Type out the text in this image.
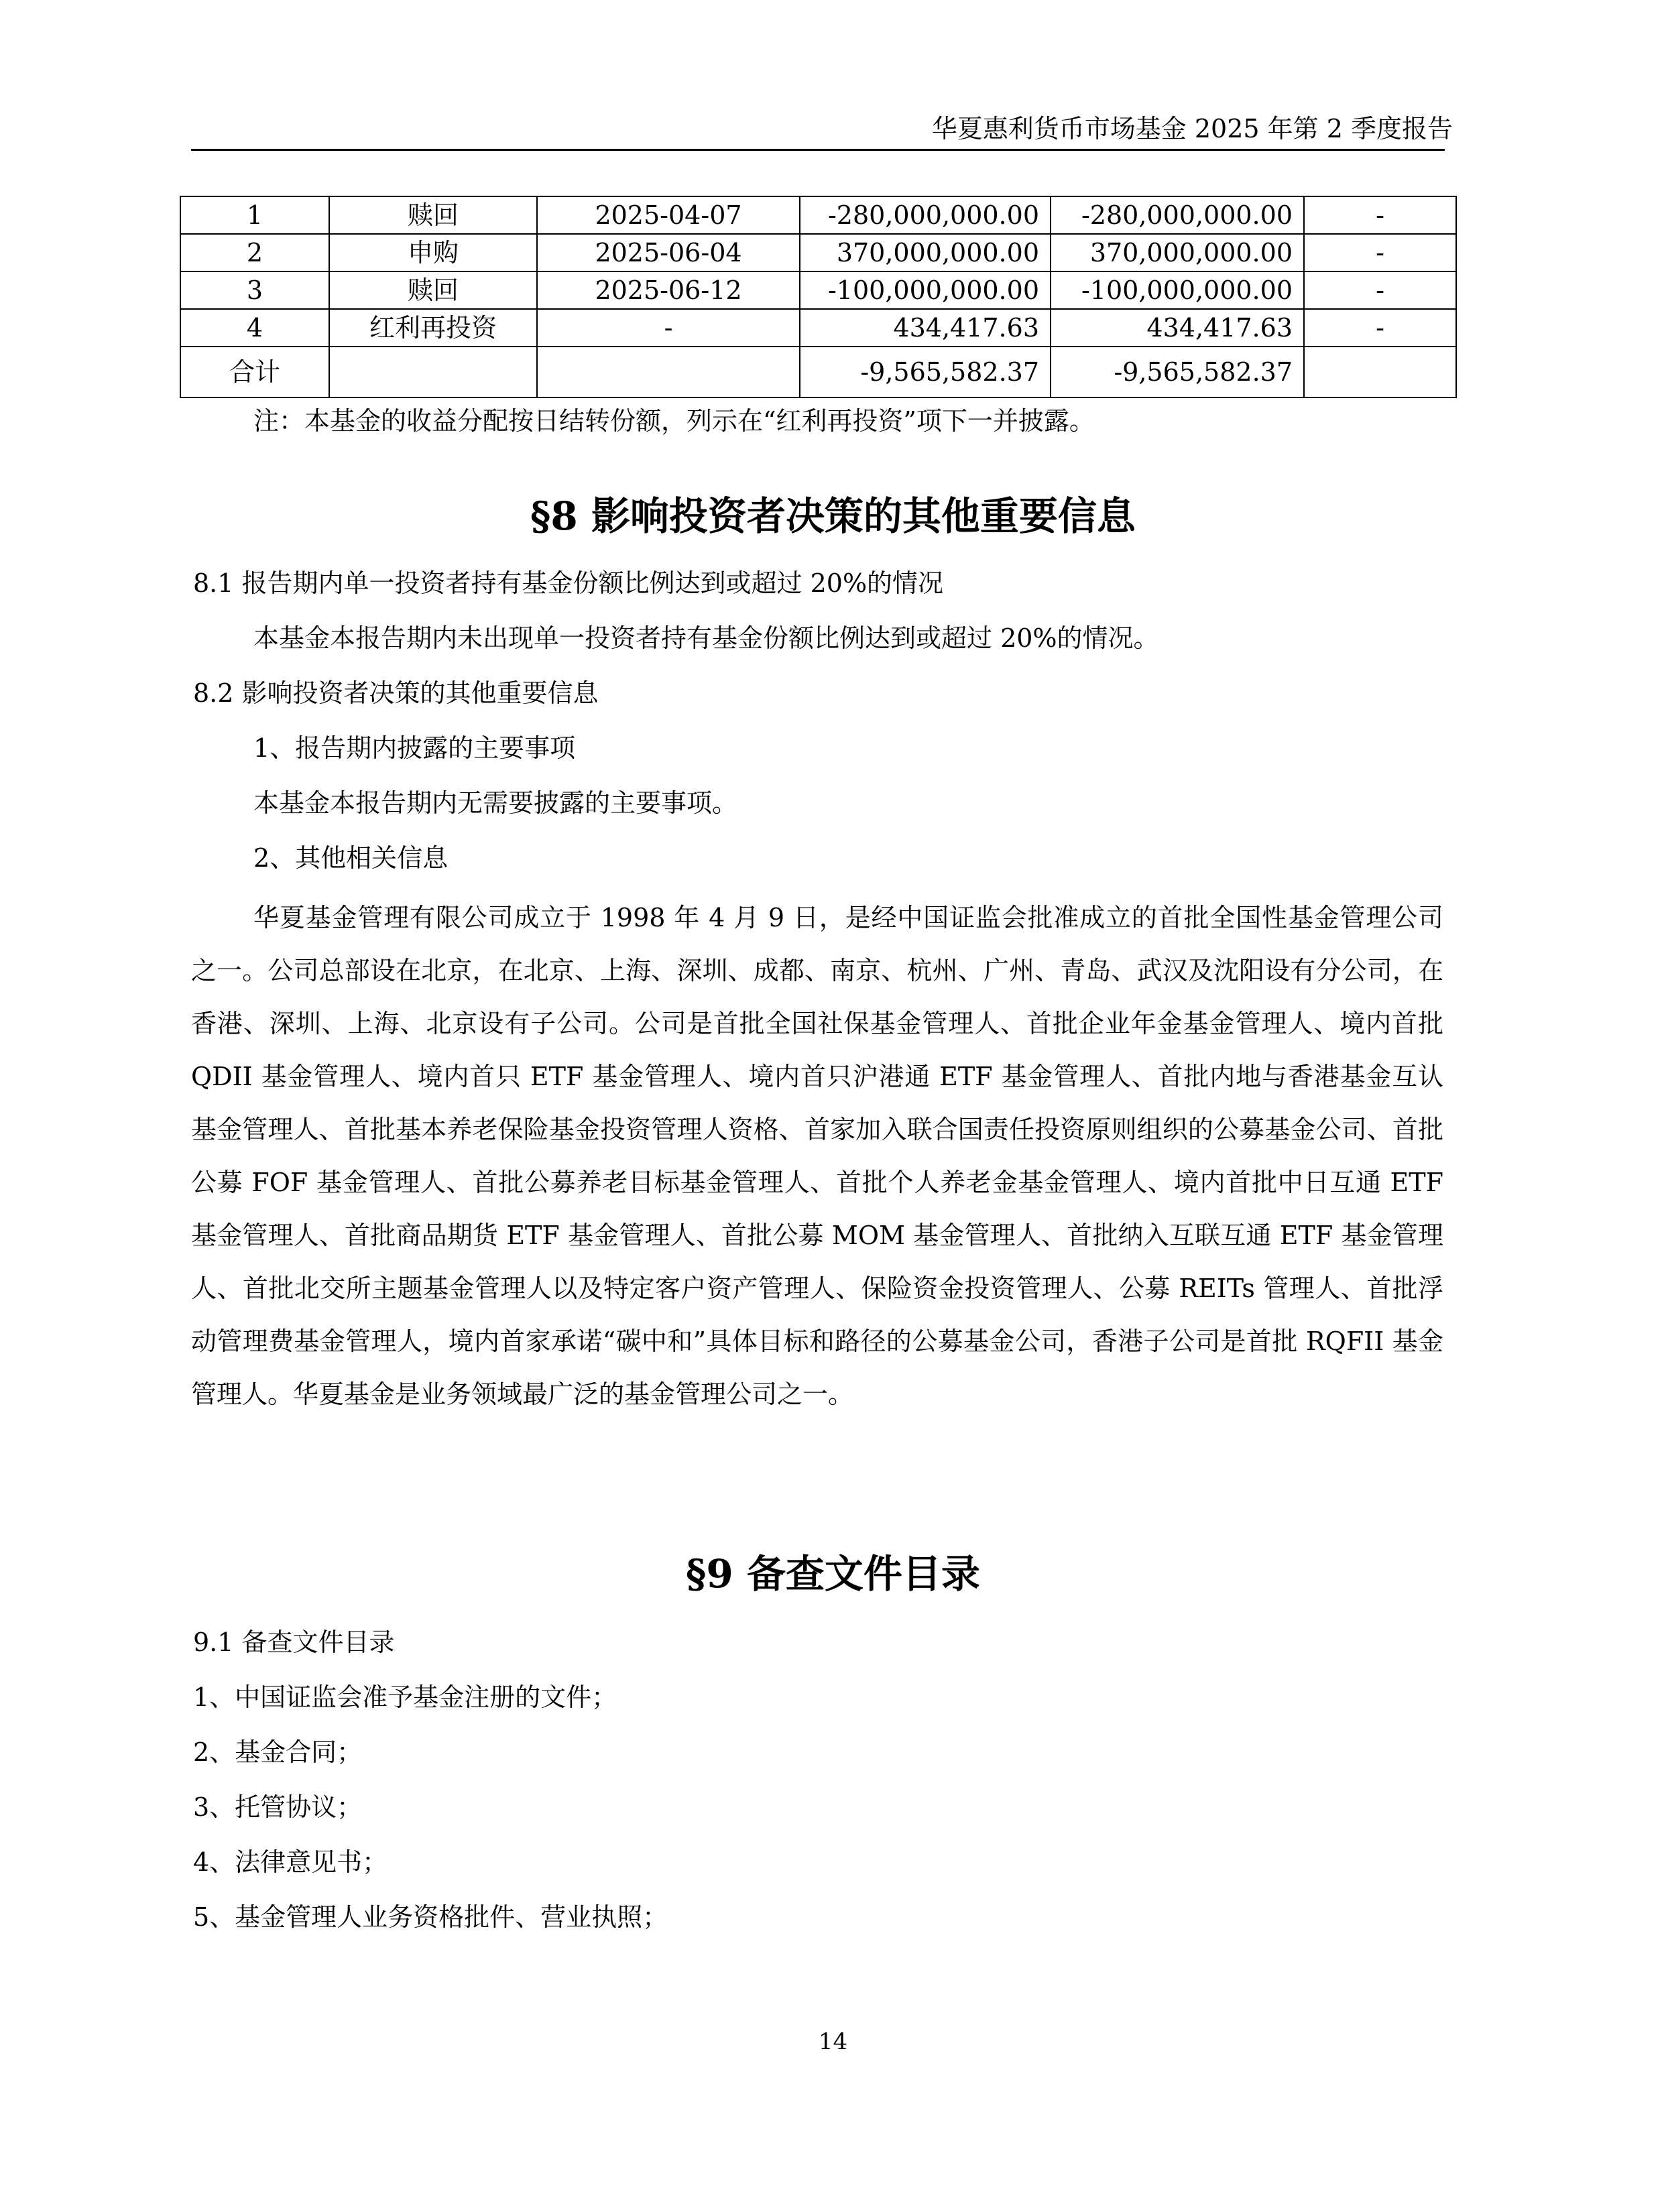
华夏惠利货币市场基金 2025 年第 2 季度报告
1	赎回	2025-04-07	-280,000,000.00	-280,000,000.00	-
2	申购	2025-06-04	370,000,000.00	370,000,000.00	-
3	赎回	2025-06-12	-100,000,000.00	-100,000,000.00	-
4	红利再投资	-	434,417.63	434,417.63	-
合计			-9,565,582.37	-9,565,582.37	
注：本基金的收益分配按日结转份额，列示在“红利再投资”项下一并披露。
§8 影响投资者决策的其他重要信息
8.1 报告期内单一投资者持有基金份额比例达到或超过 20%的情况
本基金本报告期内未出现单一投资者持有基金份额比例达到或超过 20%的情况。
8.2 影响投资者决策的其他重要信息
1、报告期内披露的主要事项
本基金本报告期内无需要披露的主要事项。
2、其他相关信息
华夏基金管理有限公司成立于 1998 年 4 月 9 日，是经中国证监会批准成立的首批全国性基金管理公司之一。公司总部设在北京，在北京、上海、深圳、成都、南京、杭州、广州、青岛、武汉及沈阳设有分公司，在香港、深圳、上海、北京设有子公司。公司是首批全国社保基金管理人、首批企业年金基金管理人、境内首批 QDII 基金管理人、境内首只 ETF 基金管理人、境内首只沪港通 ETF 基金管理人、首批内地与香港基金互认基金管理人、首批基本养老保险基金投资管理人资格、首家加入联合国责任投资原则组织的公募基金公司、首批公募 FOF 基金管理人、首批公募养老目标基金管理人、首批个人养老金基金管理人、境内首批中日互通 ETF 基金管理人、首批商品期货 ETF 基金管理人、首批公募 MOM 基金管理人、首批纳入互联互通 ETF 基金管理人、首批北交所主题基金管理人以及特定客户资产管理人、保险资金投资管理人、公募 REITs 管理人、首批浮动管理费基金管理人，境内首家承诺“碳中和”具体目标和路径的公募基金公司，香港子公司是首批 RQFII 基金管理人。华夏基金是业务领域最广泛的基金管理公司之一。
§9 备查文件目录
9.1 备查文件目录
1、中国证监会准予基金注册的文件；
2、基金合同；
3、托管协议；
4、法律意见书；
5、基金管理人业务资格批件、营业执照；
14
